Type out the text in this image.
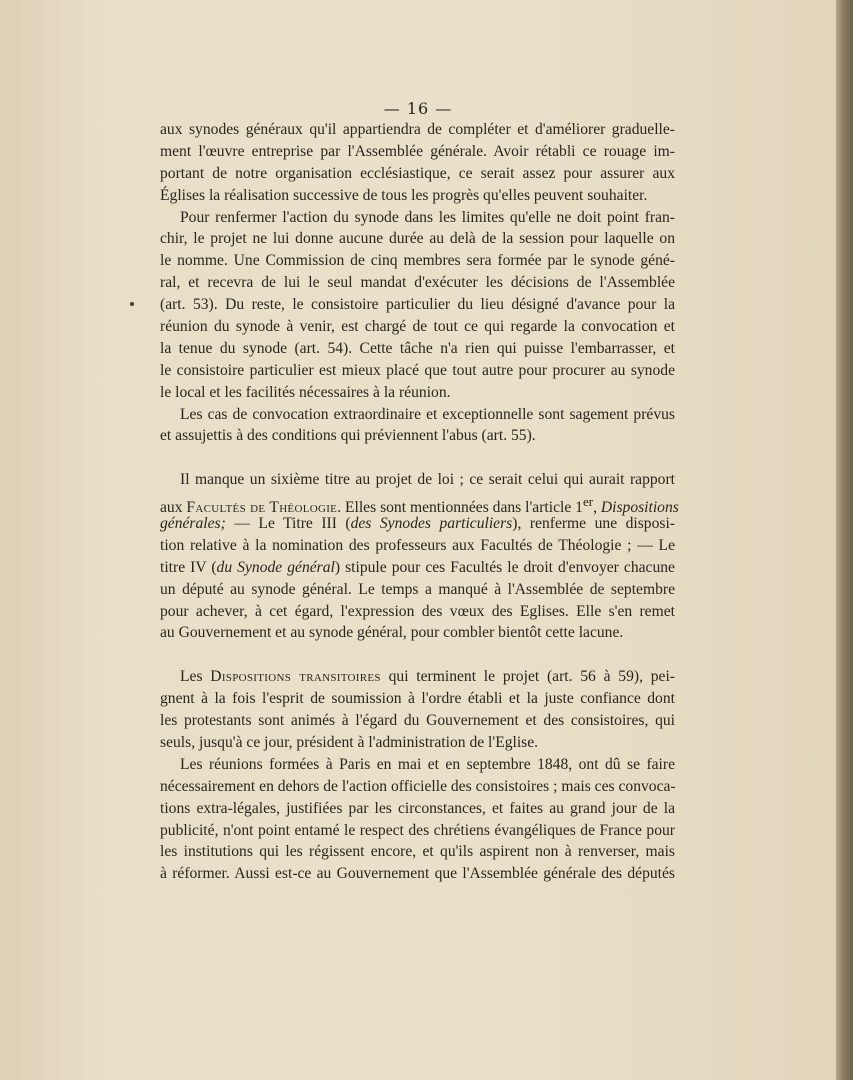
— 16 —
aux synodes généraux qu'il appartiendra de compléter et d'améliorer graduelle-
ment l'œuvre entreprise par l'Assemblée générale. Avoir rétabli ce rouage im-
portant de notre organisation ecclésiastique, ce serait assez pour assurer aux
Églises la réalisation successive de tous les progrès qu'elles peuvent souhaiter.
Pour renfermer l'action du synode dans les limites qu'elle ne doit point fran-
chir, le projet ne lui donne aucune durée au delà de la session pour laquelle on
le nomme. Une Commission de cinq membres sera formée par le synode géné-
ral, et recevra de lui le seul mandat d'exécuter les décisions de l'Assemblée
(art. 53). Du reste, le consistoire particulier du lieu désigné d'avance pour la
réunion du synode à venir, est chargé de tout ce qui regarde la convocation et
la tenue du synode (art. 54). Cette tâche n'a rien qui puisse l'embarrasser, et
le consistoire particulier est mieux placé que tout autre pour procurer au synode
le local et les facilités nécessaires à la réunion.
Les cas de convocation extraordinaire et exceptionnelle sont sagement prévus
et assujettis à des conditions qui préviennent l'abus (art. 55).
Il manque un sixième titre au projet de loi ; ce serait celui qui aurait rapport
aux Facultés de Théologie. Elles sont mentionnées dans l'article 1er, Dispositions
générales; — Le Titre III (des Synodes particuliers), renferme une disposi-
tion relative à la nomination des professeurs aux Facultés de Théologie ; — Le
titre IV (du Synode général) stipule pour ces Facultés le droit d'envoyer chacune
un député au synode général. Le temps a manqué à l'Assemblée de septembre
pour achever, à cet égard, l'expression des vœux des Eglises. Elle s'en remet
au Gouvernement et au synode général, pour combler bientôt cette lacune.
Les Dispositions transitoires qui terminent le projet (art. 56 à 59), pei-
gnent à la fois l'esprit de soumission à l'ordre établi et la juste confiance dont
les protestants sont animés à l'égard du Gouvernement et des consistoires, qui
seuls, jusqu'à ce jour, président à l'administration de l'Eglise.
Les réunions formées à Paris en mai et en septembre 1848, ont dû se faire
nécessairement en dehors de l'action officielle des consistoires ; mais ces convoca-
tions extra-légales, justifiées par les circonstances, et faites au grand jour de la
publicité, n'ont point entamé le respect des chrétiens évangéliques de France pour
les institutions qui les régissent encore, et qu'ils aspirent non à renverser, mais
à réformer. Aussi est-ce au Gouvernement que l'Assemblée générale des députés
